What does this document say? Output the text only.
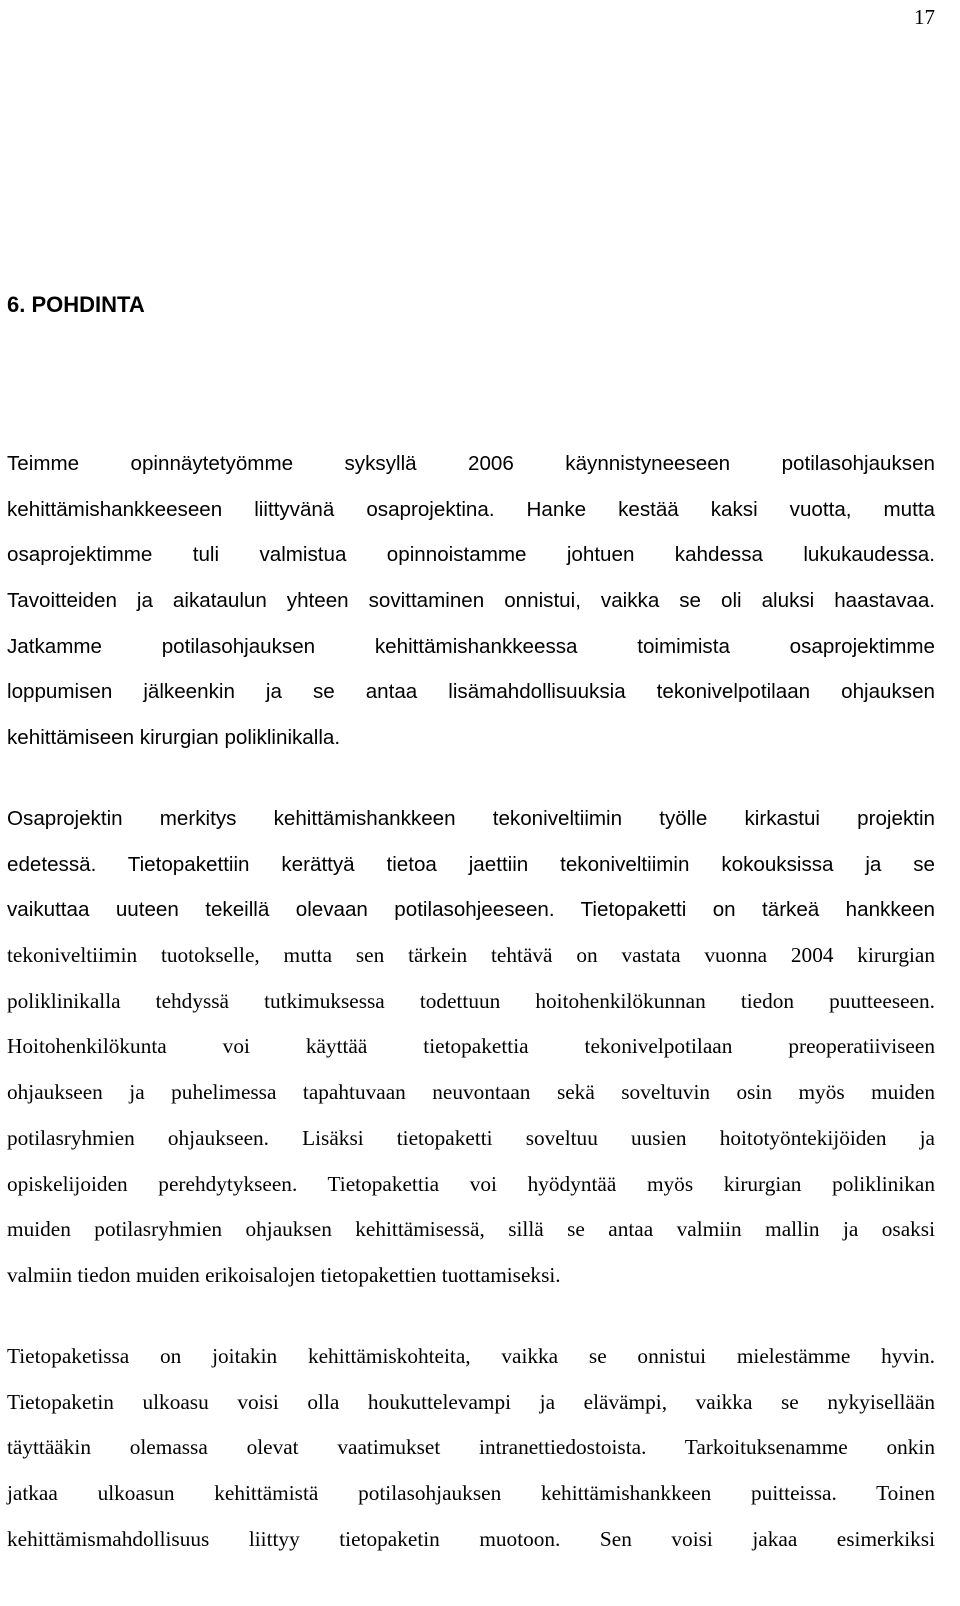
17
6. POHDINTA
Teimme opinnäytetyömme syksyllä 2006 käynnistyneeseen potilasohjauksen
kehittämishankkeeseen liittyvänä osaprojektina. Hanke kestää kaksi vuotta, mutta
osaprojektimme tuli valmistua opinnoistamme johtuen kahdessa lukukaudessa.
Tavoitteiden ja aikataulun yhteen sovittaminen onnistui, vaikka se oli aluksi haastavaa.
Jatkamme potilasohjauksen kehittämishankkeessa toimimista osaprojektimme
loppumisen jälkeenkin ja se antaa lisämahdollisuuksia tekonivelpotilaan ohjauksen
kehittämiseen kirurgian poliklinikalla.
Osaprojektin merkitys kehittämishankkeen tekoniveltiimin työlle kirkastui projektin
edetessä. Tietopakettiin kerättyä tietoa jaettiin tekoniveltiimin kokouksissa ja se
vaikuttaa uuteen tekeillä olevaan potilasohjeeseen. Tietopaketti on tärkeä hankkeen
tekoniveltiimin tuotokselle, mutta sen tärkein tehtävä on vastata vuonna 2004 kirurgian
poliklinikalla tehdyssä tutkimuksessa todettuun hoitohenkilökunnan tiedon puutteeseen.
Hoitohenkilökunta voi käyttää tietopakettia tekonivelpotilaan preoperatiiviseen
ohjaukseen ja puhelimessa tapahtuvaan neuvontaan sekä soveltuvin osin myös muiden
potilasryhmien ohjaukseen. Lisäksi tietopaketti soveltuu uusien hoitotyöntekijöiden ja
opiskelijoiden perehdytykseen. Tietopakettia voi hyödyntää myös kirurgian poliklinikan
muiden potilasryhmien ohjauksen kehittämisessä, sillä se antaa valmiin mallin ja osaksi
valmiin tiedon muiden erikoisalojen tietopakettien tuottamiseksi.
Tietopaketissa on joitakin kehittämiskohteita, vaikka se onnistui mielestämme hyvin.
Tietopaketin ulkoasu voisi olla houkuttelevampi ja elävämpi, vaikka se nykyisellään
täyttääkin olemassa olevat vaatimukset intranettiedostoista. Tarkoituksenamme onkin
jatkaa ulkoasun kehittämistä potilasohjauksen kehittämishankkeen puitteissa. Toinen
kehittämismahdollisuus liittyy tietopaketin muotoon. Sen voisi jakaa esimerkiksi
